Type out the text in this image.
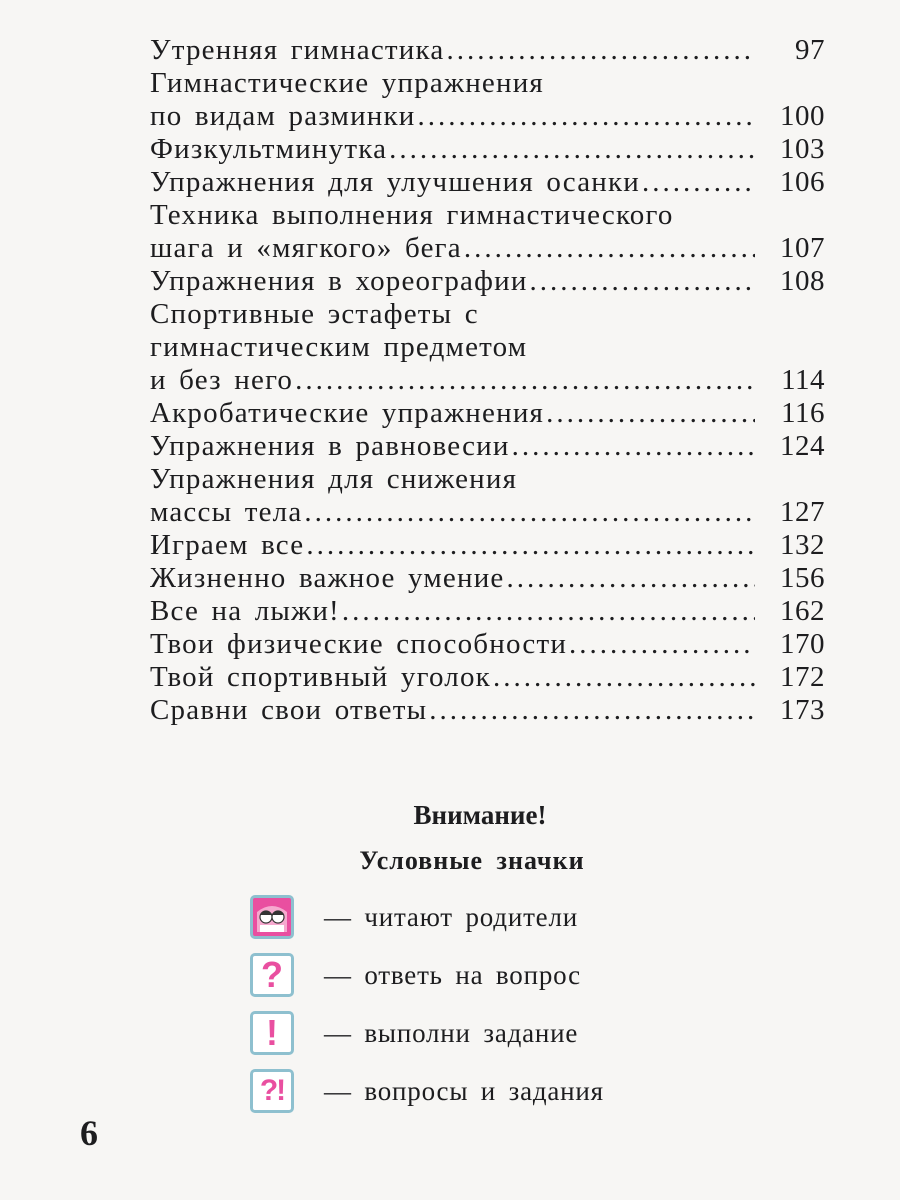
Утренняя гимнастика .....	97
Гимнастические упражнения
по видам разминки .....	100
Физкультминутка .....	103
Упражнения для улучшения осанки .....	106
Техника выполнения гимнастического
шага и «мягкого» бега .....	107
Упражнения в хореографии .....	108
Спортивные эстафеты с
гимнастическим предметом
и без него .....	114
Акробатические упражнения .....	116
Упражнения в равновесии .....	124
Упражнения для снижения
массы тела .....	127
Играем все .....	132
Жизненно важное умение .....	156
Все на лыжи! .....	162
Твои физические способности .....	170
Твой спортивный уголок .....	172
Сравни свои ответы .....	173
Внимание!
Условные значки
— читают родители
? — ответь на вопрос
! — выполни задание
?! — вопросы и задания
6
